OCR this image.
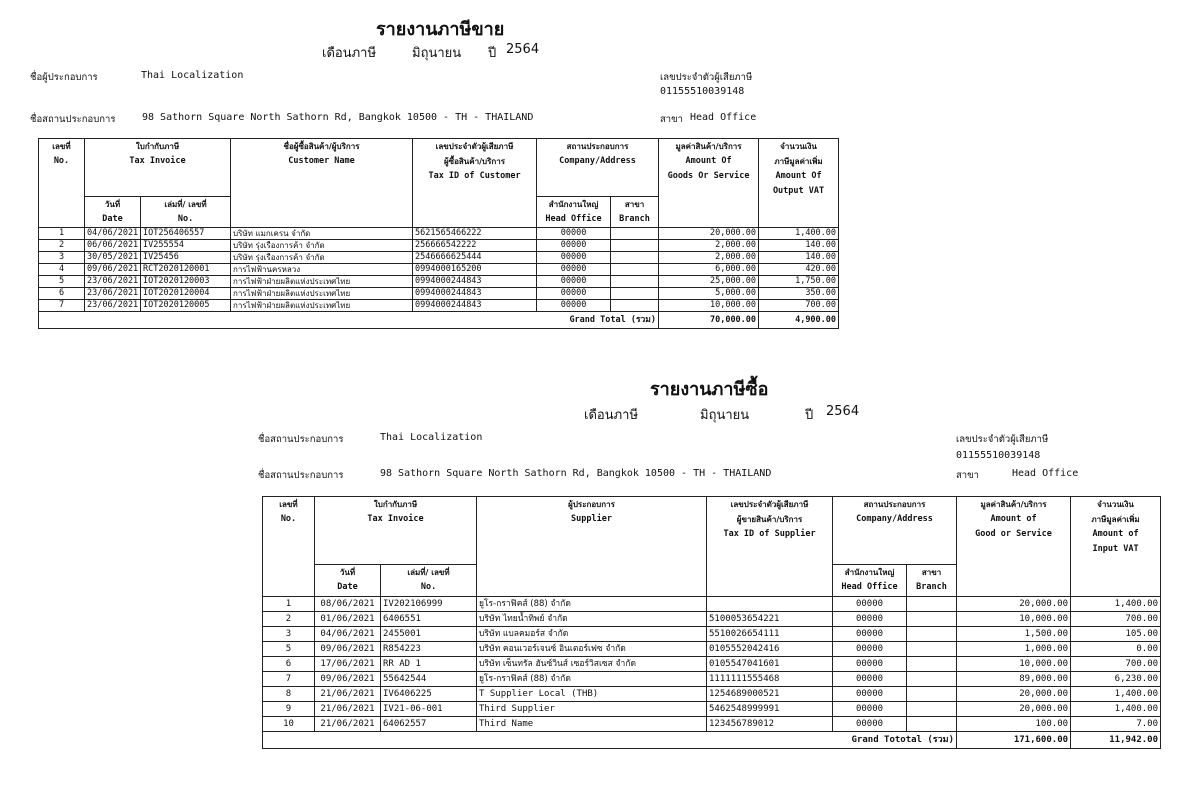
รายงานภาษีขาย
เดือนภาษี	มิถุนายน ปี 2564
ชื่อผู้ประกอบการ	Thai Localization	เลขประจำตัวผู้เสียภาษี
01155510039148
ชื่อสถานประกอบการ	98 Sathorn Square North Sathorn Rd, Bangkok 10500 - TH - THAILAND	สาขา Head Office
เลขที่
No.	ใบกำกับภาษี
Tax Invoice		ชื่อผู้ซื้อสินค้า/ผู้บริการ
Customer Name	เลขประจำตัวผู้เสียภาษี
ผู้ซื้อสินค้า/บริการ
Tax ID of Customer	สถานประกอบการ
Company/Address		มูลค่าสินค้า/บริการ
Amount Of
Goods Or Service	จำนวนเงิน
ภาษีมูลค่าเพิ่ม
Amount Of
Output VAT

	วันที่
Date	เล่มที่/ เลขที่
No.			สำนักงานใหญ่
Head Office	สาขา
Branch		

1	04/06/2021	IOT256406557	บริษัท แมกเครน จำกัด	5621565466222	00000		20,000.00	1,400.00
2	06/06/2021	IV255554	บริษัท รุ่งเรืองการค้า จำกัด	256666542222	00000		2,000.00	140.00
3	30/05/2021	IV25456	บริษัท รุ่งเรืองการค้า จำกัด	2546666625444	00000		2,000.00	140.00
4	09/06/2021	RCT2020120001	การไฟฟ้านครหลวง	0994000165200	00000		6,000.00	420.00
5	23/06/2021	IOT2020120003	การไฟฟ้าฝ่ายผลิตแห่งประเทศไทย	0994000244843	00000		25,000.00	1,750.00
6	23/06/2021	IOT2020120004	การไฟฟ้าฝ่ายผลิตแห่งประเทศไทย	0994000244843	00000		5,000.00	350.00
7	23/06/2021	IOT2020120005	การไฟฟ้าฝ่ายผลิตแห่งประเทศไทย	0994000244843	00000		10,000.00	700.00
					Grand Total (รวม)		70,000.00	4,900.00
รายงานภาษีซื้อ
เดือนภาษี	มิถุนายน	ปี 2564
ชื่อสถานประกอบการ	Thai Localization	เลขประจำตัวผู้เสียภาษี
01155510039148
ชื่อสถานประกอบการ	98 Sathorn Square North Sathorn Rd, Bangkok 10500 - TH - THAILAND	สาขา	Head Office
เลขที่
No.	ใบกำกับภาษี
Tax Invoice		ผู้ประกอบการ
Supplier	เลขประจำตัวผู้เสียภาษี
ผู้ขายสินค้า/บริการ
Tax ID of Supplier	สถานประกอบการ
Company/Address		มูลค่าสินค้า/บริการ
Amount of
Good or Service	จำนวนเงิน
ภาษีมูลค่าเพิ่ม
Amount of
Input VAT

	วันที่
Date	เล่มที่/ เลขที่
No.			สำนักงานใหญ่
Head Office	สาขา
Branch		

1	08/06/2021	IV202106999	ยูโร-กราฟิคส์ (88) จำกัด		00000		20,000.00	1,400.00
2	01/06/2021	6406551	บริษัท ไทยน้ำทิพย์ จำกัด	5100053654221	00000		10,000.00	700.00
3	04/06/2021	2455001	บริษัท แบลคมอร์ส จำกัด	5510026654111	00000		1,500.00	105.00
5	09/06/2021	R854223	บริษัท คอนเวอร์เจนซ์ อินเตอร์เฟซ จำกัด	0105552042416	00000		1,000.00	0.00
6	17/06/2021	RR AD 1	บริษัท เซ็นทรัล ฮันซ์วินส์ เซอร์วิสเซส จำกัด	0105547041601	00000		10,000.00	700.00
7	09/06/2021	55642544	ยูโร-กราฟิคส์ (88) จำกัด	1111111555468	00000		89,000.00	6,230.00
8	21/06/2021	IV6406225	T Supplier Local (THB)	1254689000521	00000		20,000.00	1,400.00
9	21/06/2021	IV21-06-001	Third Supplier	5462548999991	00000		20,000.00	1,400.00
10	21/06/2021	64062557	Third Name	123456789012	00000		100.00	7.00
					Grand Tototal (รวม)		171,600.00	11,942.00
